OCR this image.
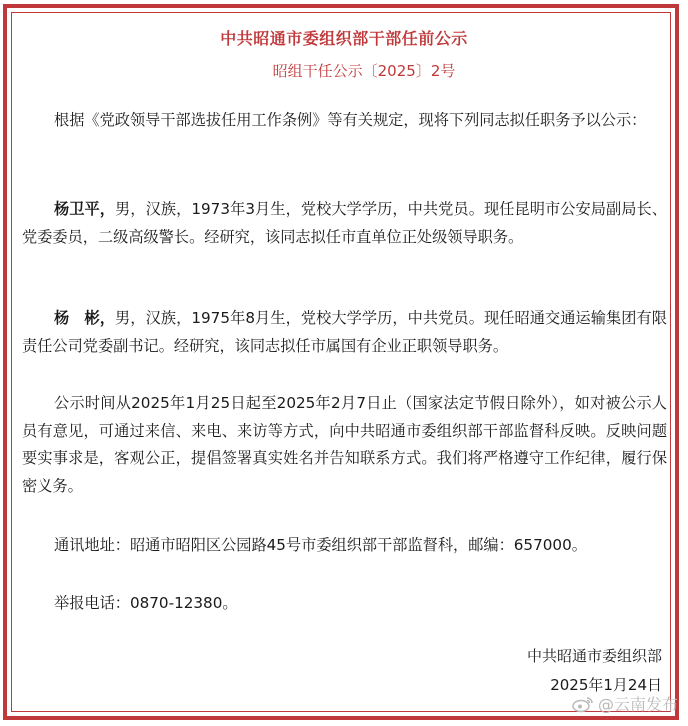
中共昭通市委组织部干部任前公示
昭组干任公示〔2025〕2号

根据《党政领导干部选拔任用工作条例》等有关规定，现将下列同志拟任职务予以公示：

杨卫平，男，汉族，1973年3月生，党校大学学历，中共党员。现任昆明市公安局副局长、党委委员，二级高级警长。经研究，该同志拟任市直单位正处级领导职务。

杨　彬，男，汉族，1975年8月生，党校大学学历，中共党员。现任昭通交通运输集团有限责任公司党委副书记。经研究，该同志拟任市属国有企业正职领导职务。

公示时间从2025年1月25日起至2025年2月7日止（国家法定节假日除外），如对被公示人员有意见，可通过来信、来电、来访等方式，向中共昭通市委组织部干部监督科反映。反映问题要实事求是，客观公正，提倡签署真实姓名并告知联系方式。我们将严格遵守工作纪律，履行保密义务。

通讯地址：昭通市昭阳区公园路45号市委组织部干部监督科，邮编：657000。

举报电话：0870-12380。

中共昭通市委组织部
2025年1月24日
@云南发布
